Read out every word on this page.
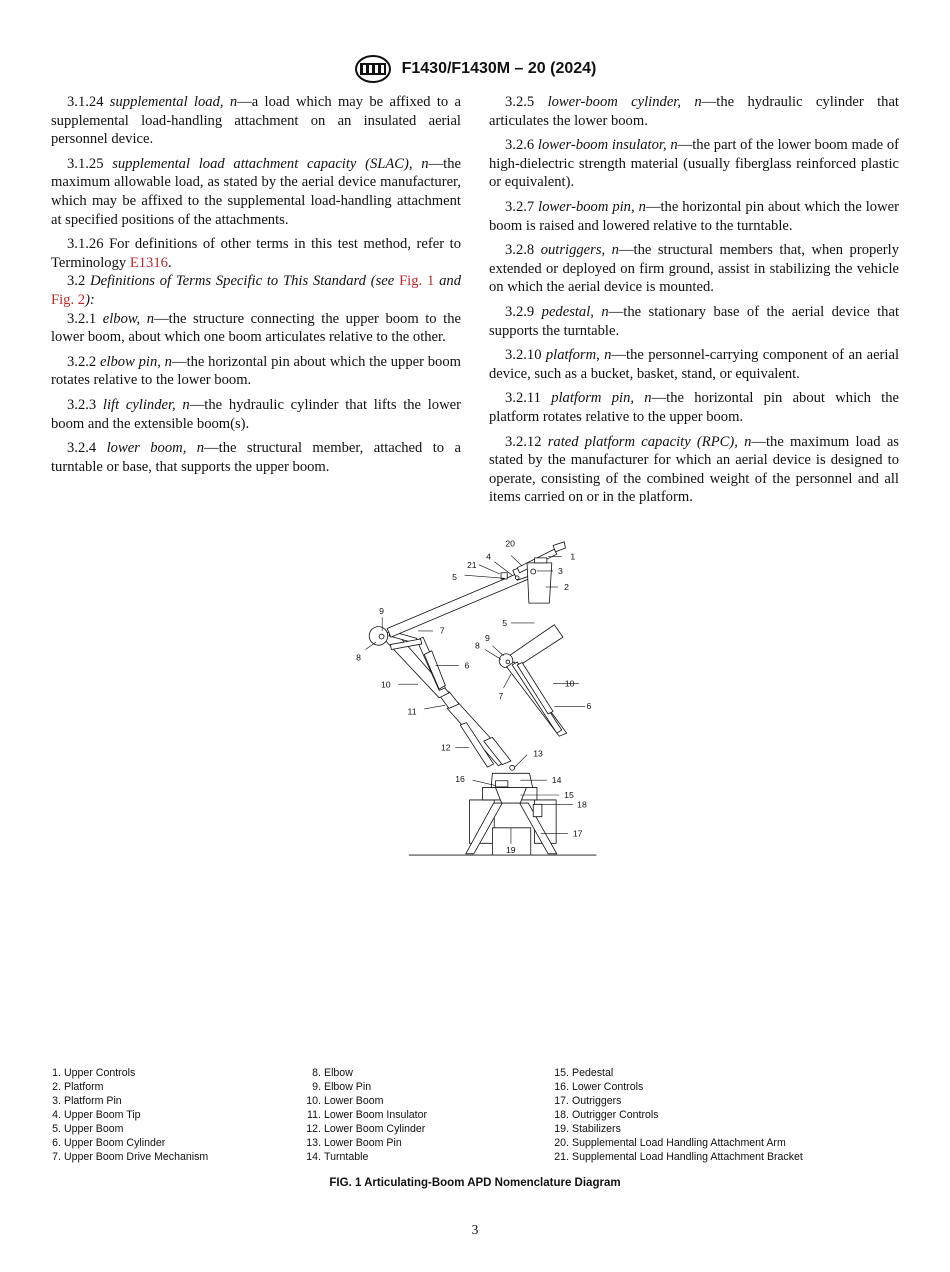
F1430/F1430M – 20 (2024)

3.1.24 supplemental load, n—a load which may be affixed to a supplemental load-handling attachment on an insulated aerial personnel device.

3.1.25 supplemental load attachment capacity (SLAC), n—the maximum allowable load, as stated by the aerial device manufacturer, which may be affixed to the supplemental load-handling attachment at specified positions of the attachments.

3.1.26 For definitions of other terms in this test method, refer to Terminology E1316.

3.2 Definitions of Terms Specific to This Standard (see Fig. 1 and Fig. 2):

3.2.1 elbow, n—the structure connecting the upper boom to the lower boom, about which one boom articulates relative to the other.

3.2.2 elbow pin, n—the horizontal pin about which the upper boom rotates relative to the lower boom.

3.2.3 lift cylinder, n—the hydraulic cylinder that lifts the lower boom and the extensible boom(s).

3.2.4 lower boom, n—the structural member, attached to a turntable or base, that supports the upper boom.

3.2.5 lower-boom cylinder, n—the hydraulic cylinder that articulates the lower boom.

3.2.6 lower-boom insulator, n—the part of the lower boom made of high-dielectric strength material (usually fiberglass reinforced plastic or equivalent).

3.2.7 lower-boom pin, n—the horizontal pin about which the lower boom is raised and lowered relative to the turntable.

3.2.8 outriggers, n—the structural members that, when properly extended or deployed on firm ground, assist in stabilizing the vehicle on which the aerial device is mounted.

3.2.9 pedestal, n—the stationary base of the aerial device that supports the turntable.

3.2.10 platform, n—the personnel-carrying component of an aerial device, such as a bucket, basket, stand, or equivalent.

3.2.11 platform pin, n—the horizontal pin about which the platform rotates relative to the upper boom.

3.2.12 rated platform capacity (RPC), n—the maximum load as stated by the manufacturer for which an aerial device is designed to operate, consisting of the combined weight of the personnel and all items carried on or in the platform.

1
2
3
4
5
6
7
8
9
10
11
12
13
14
15
16
17
18
19
20
21
5
9
8
7
10
6
1. Upper Controls
2. Platform
3. Platform Pin
4. Upper Boom Tip
5. Upper Boom
6. Upper Boom Cylinder
7. Upper Boom Drive Mechanism
8. Elbow
9. Elbow Pin
10. Lower Boom
11. Lower Boom Insulator
12. Lower Boom Cylinder
13. Lower Boom Pin
14. Turntable
15. Pedestal
16. Lower Controls
17. Outriggers
18. Outrigger Controls
19. Stabilizers
20. Supplemental Load Handling Attachment Arm
21. Supplemental Load Handling Attachment Bracket
FIG. 1 Articulating-Boom APD Nomenclature Diagram
3
